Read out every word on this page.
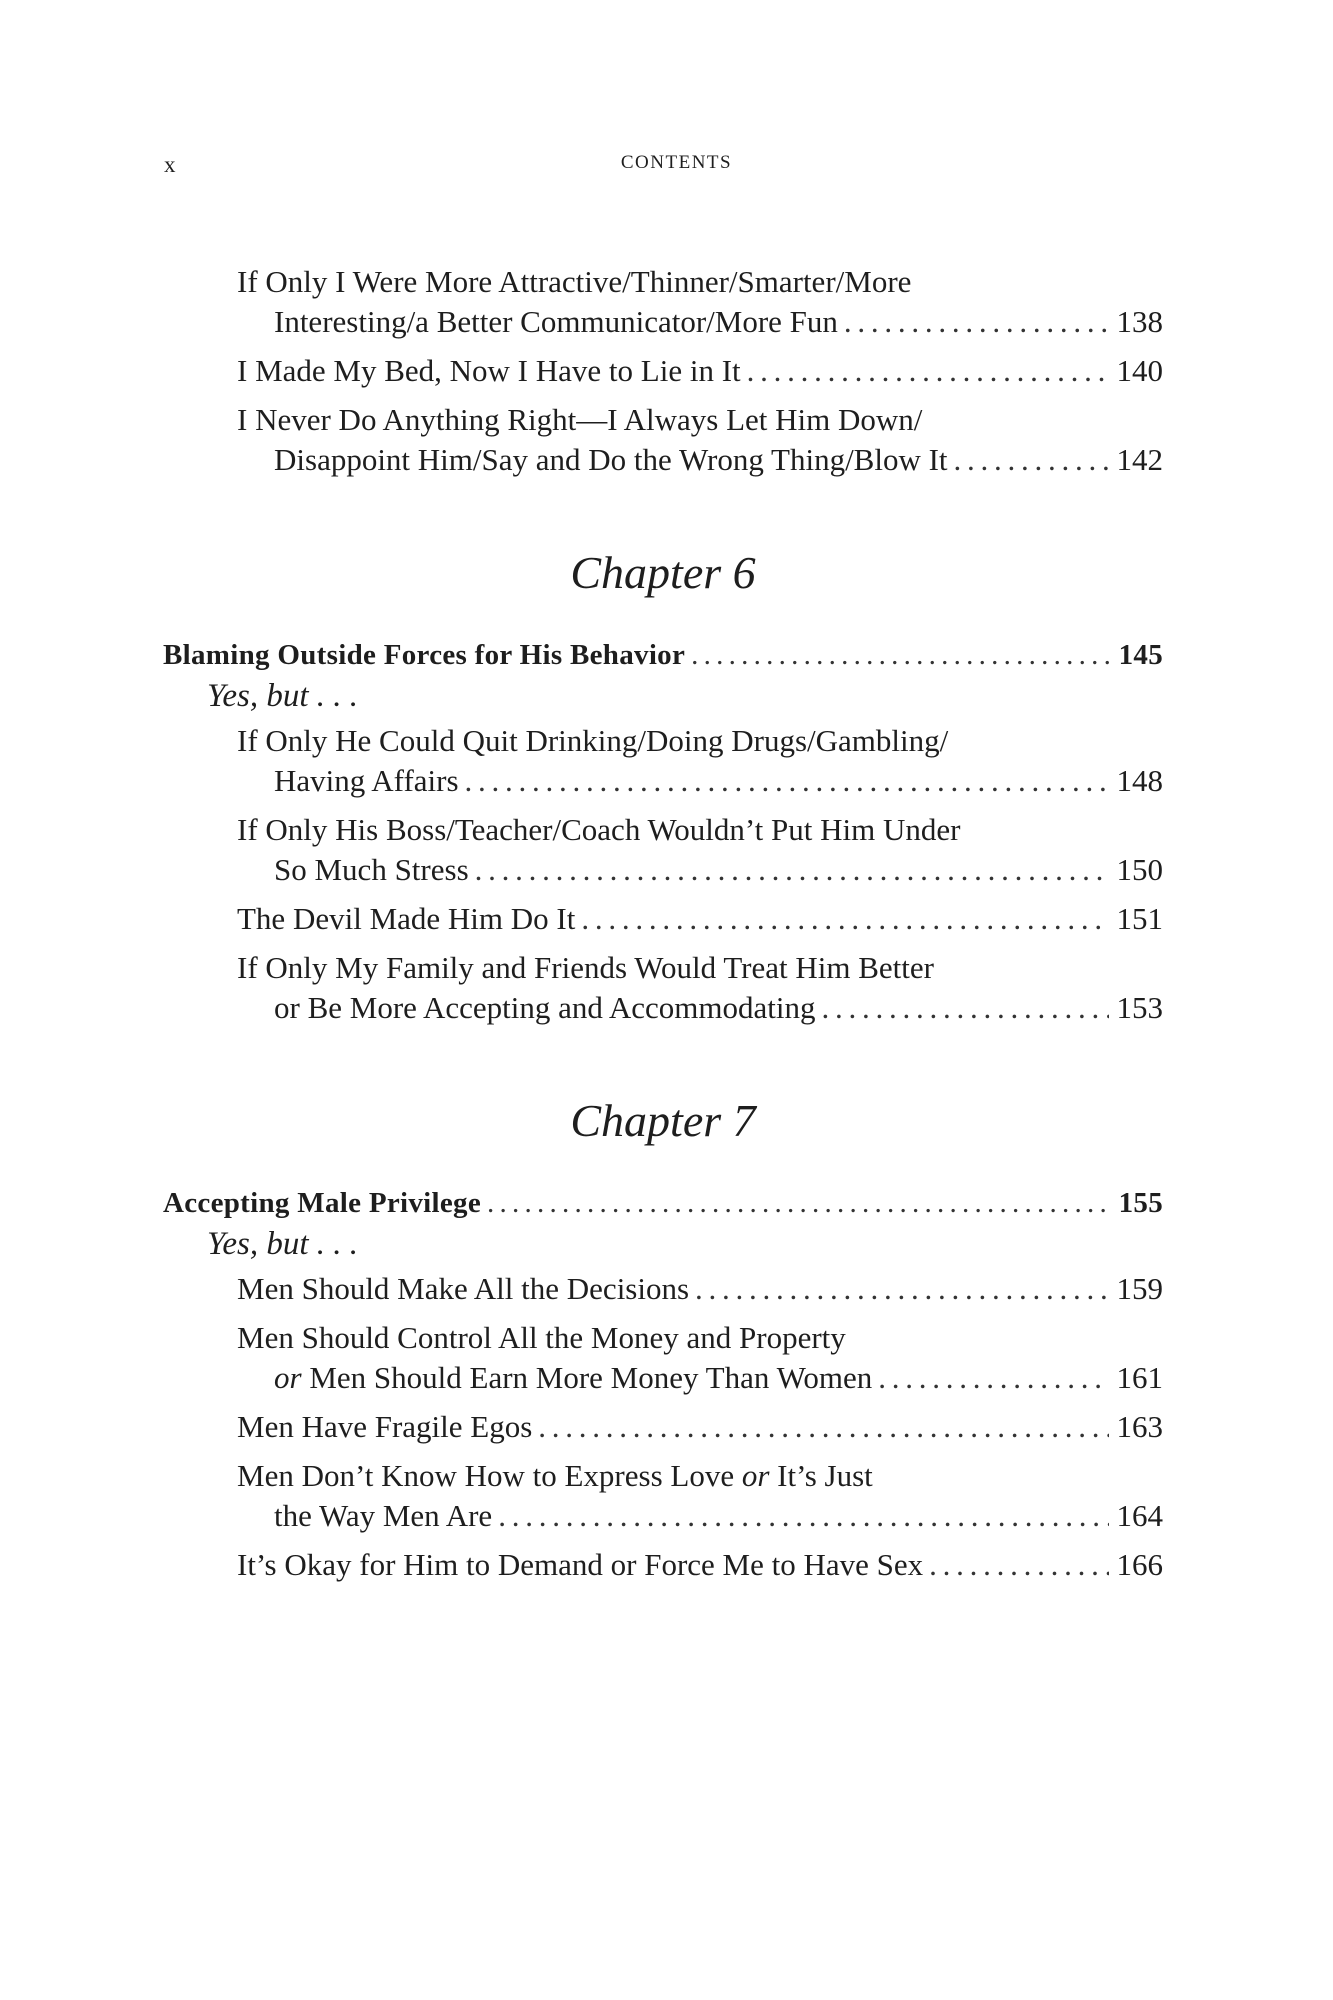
x	CONTENTS
If Only I Were More Attractive/Thinner/Smarter/More
Interesting/a Better Communicator/More Fun . . .	138
I Made My Bed, Now I Have to Lie in It . . .	140
I Never Do Anything Right—I Always Let Him Down/
Disappoint Him/Say and Do the Wrong Thing/Blow It . . .	142
Chapter 6
Blaming Outside Forces for His Behavior . . .	145
Yes, but . . .
If Only He Could Quit Drinking/Doing Drugs/Gambling/
Having Affairs . . .	148
If Only His Boss/Teacher/Coach Wouldn’t Put Him Under
So Much Stress . . .	150
The Devil Made Him Do It . . .	151
If Only My Family and Friends Would Treat Him Better
or Be More Accepting and Accommodating . . .	153
Chapter 7
Accepting Male Privilege . . .	155
Yes, but . . .
Men Should Make All the Decisions . . .	159
Men Should Control All the Money and Property
or
Men Should Earn More Money Than Women . . .	161
Men Have Fragile Egos . . .	163
Men Don’t Know How to Express Love
or
It’s Just
the Way Men Are . . .	164
It’s Okay for Him to Demand or Force Me to Have Sex . . .	166
